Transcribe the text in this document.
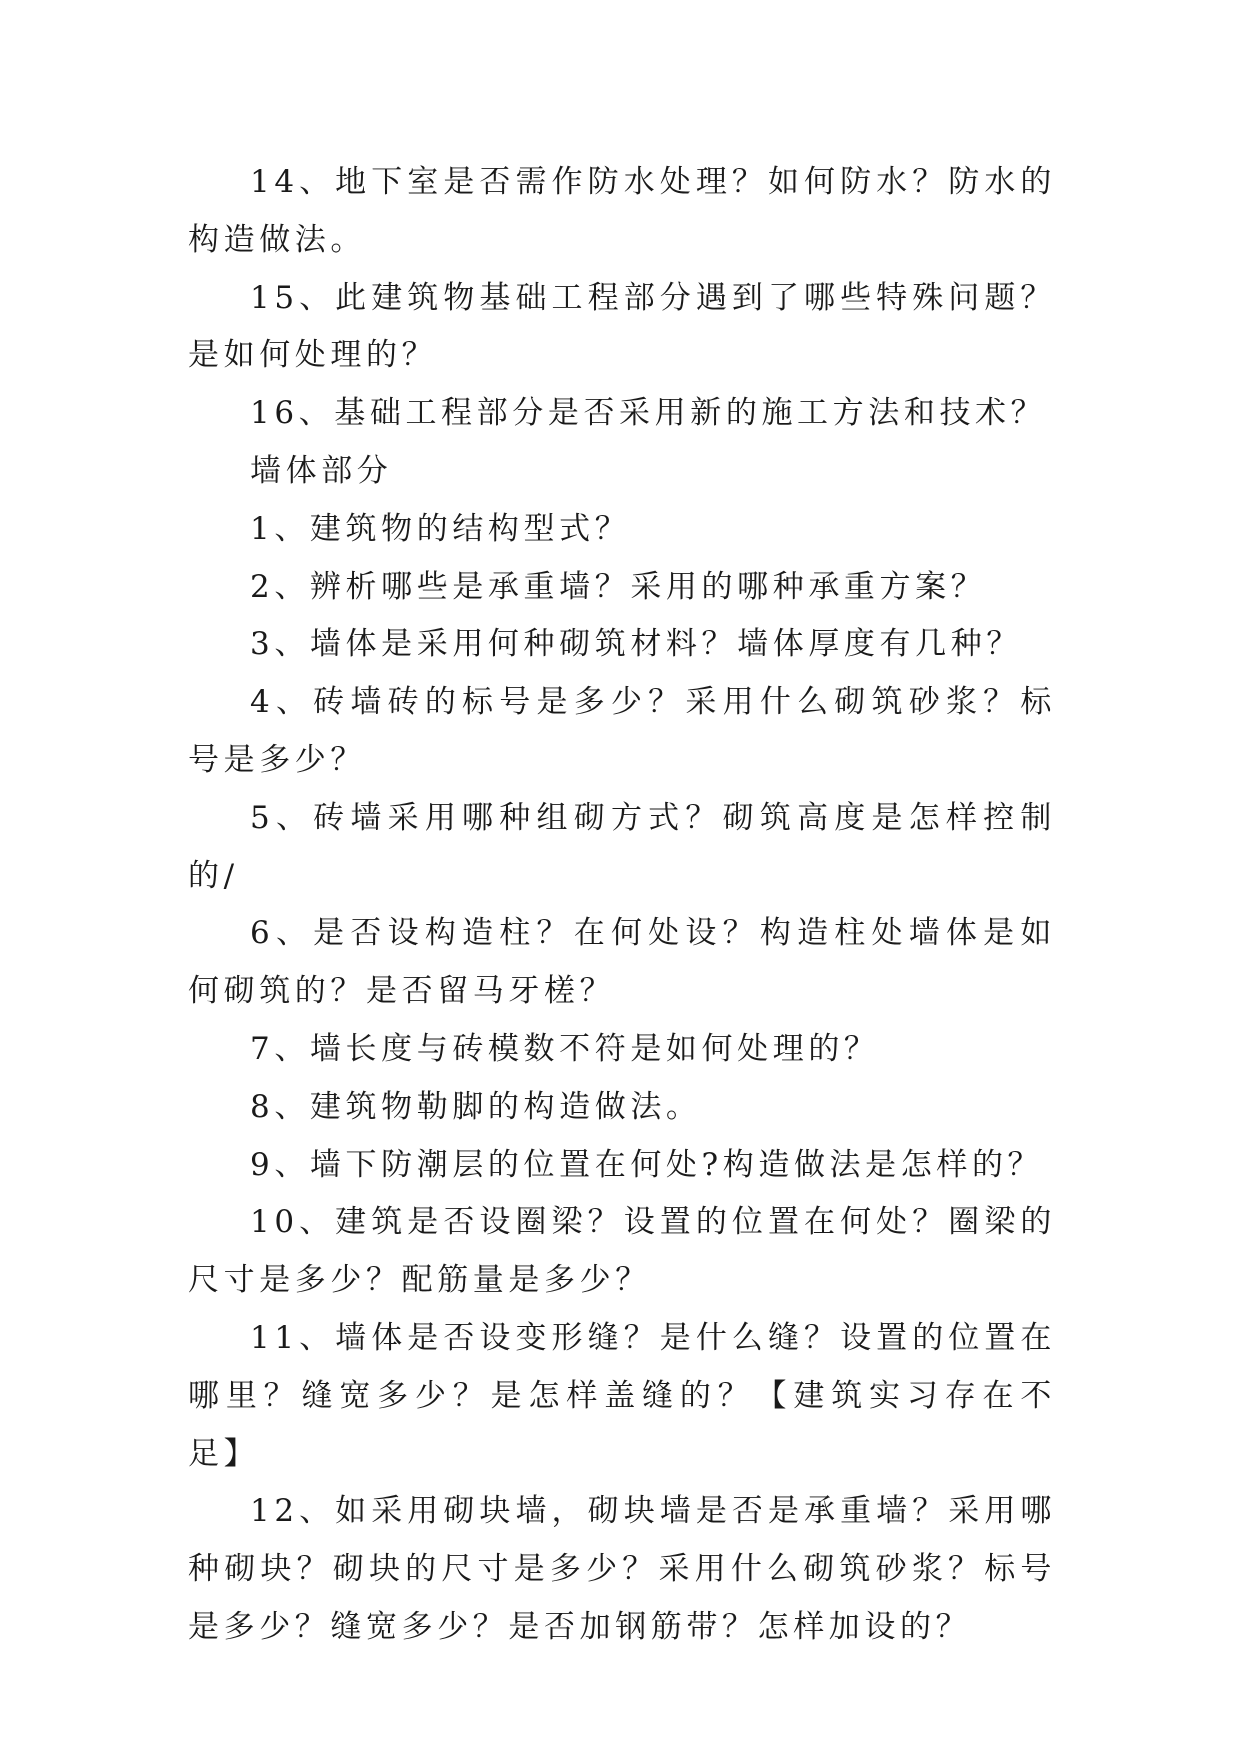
14、地下室是否需作防水处理？如何防水？防水的构造做法。

15、此建筑物基础工程部分遇到了哪些特殊问题？是如何处理的？

16、基础工程部分是否采用新的施工方法和技术？

墙体部分

1、建筑物的结构型式？

2、辨析哪些是承重墙？采用的哪种承重方案？

3、墙体是采用何种砌筑材料？墙体厚度有几种？

4、砖墙砖的标号是多少？采用什么砌筑砂浆？标号是多少？

5、砖墙采用哪种组砌方式？砌筑高度是怎样控制的/

6、是否设构造柱？在何处设？构造柱处墙体是如何砌筑的？是否留马牙槎？

7、墙长度与砖模数不符是如何处理的？

8、建筑物勒脚的构造做法。

9、墙下防潮层的位置在何处?构造做法是怎样的？

10、建筑是否设圈梁？设置的位置在何处？圈梁的尺寸是多少？配筋量是多少？

11、墙体是否设变形缝？是什么缝？设置的位置在哪里？缝宽多少？是怎样盖缝的？【建筑实习存在不足】

12、如采用砌块墙，砌块墙是否是承重墙？采用哪种砌块？砌块的尺寸是多少？采用什么砌筑砂浆？标号是多少？缝宽多少？是否加钢筋带？怎样加设的？
